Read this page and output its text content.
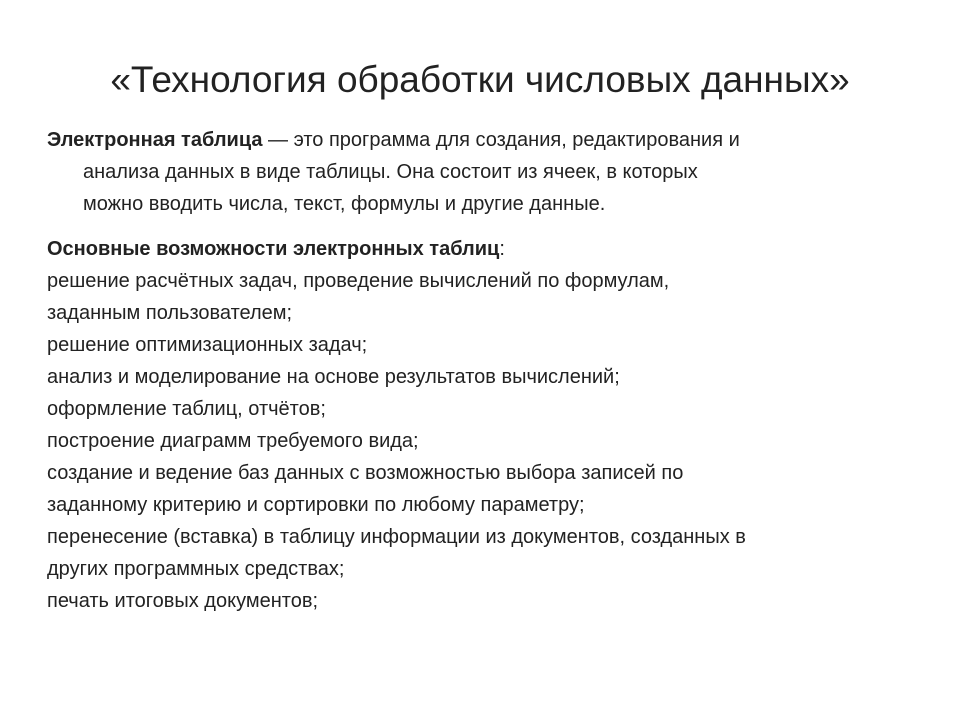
«Технология обработки числовых данных»
Электронная таблица — это программа для создания, редактирования и
анализа данных в виде таблицы. Она состоит из ячеек, в которых
можно вводить числа, текст, формулы и другие данные.
Основные возможности электронных таблиц:
решение расчётных задач, проведение вычислений по формулам,
заданным пользователем;
решение оптимизационных задач;
анализ и моделирование на основе результатов вычислений;
оформление таблиц, отчётов;
построение диаграмм требуемого вида;
создание и ведение баз данных с возможностью выбора записей по
заданному критерию и сортировки по любому параметру;
перенесение (вставка) в таблицу информации из документов, созданных в
других программных средствах;
печать итоговых документов;
